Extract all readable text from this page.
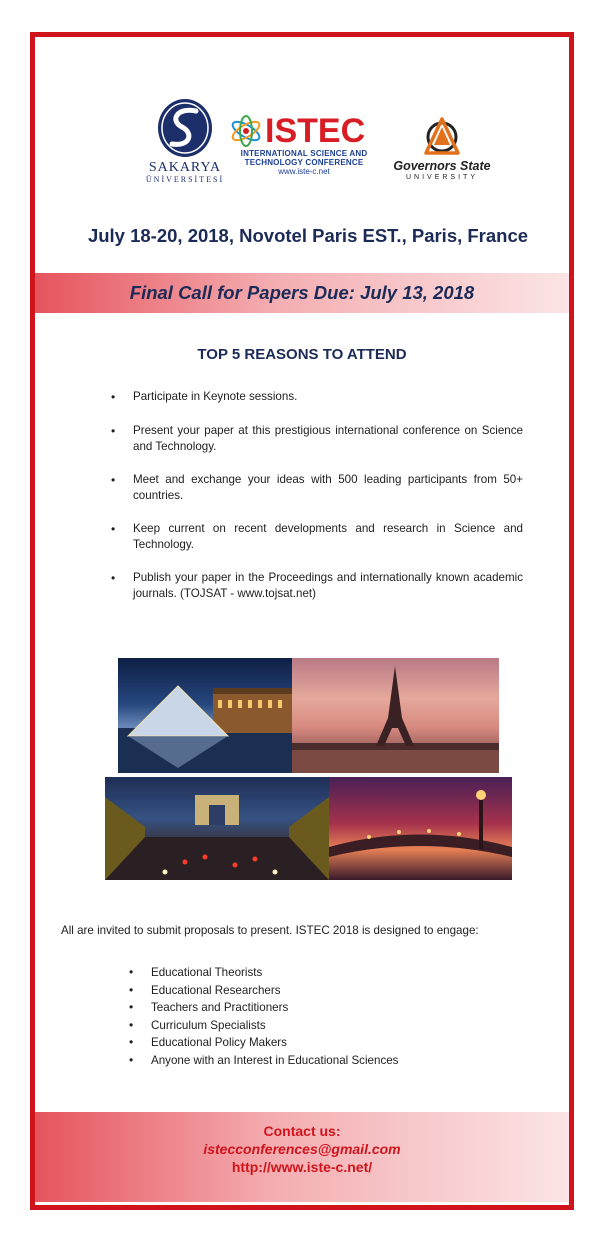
SAKARYA
ÜNİVERSİTESİ
ISTEC
INTERNATIONAL SCIENCE AND
TECHNOLOGY CONFERENCE
www.iste-c.net	Governors State
UNIVERSITY
July 18-20, 2018, Novotel Paris EST., Paris, France
Final Call for Papers Due: July 13, 2018
TOP 5 REASONS TO ATTEND
• Participate in Keynote sessions.
• Present your paper at this prestigious international conference on Science and Technology.
• Meet and exchange your ideas with 500 leading participants from 50+ countries.
• Keep current on recent developments and research in Science and Technology.
• Publish your paper in the Proceedings and internationally known academic journals. (TOJSAT - www.tojsat.net)
All are invited to submit proposals to present. ISTEC 2018 is designed to engage:
• Educational Theorists
• Educational Researchers
• Teachers and Practitioners
• Curriculum Specialists
• Educational Policy Makers
• Anyone with an Interest in Educational Sciences
Contact us:
istecconferences@gmail.com
http://www.iste-c.net/
